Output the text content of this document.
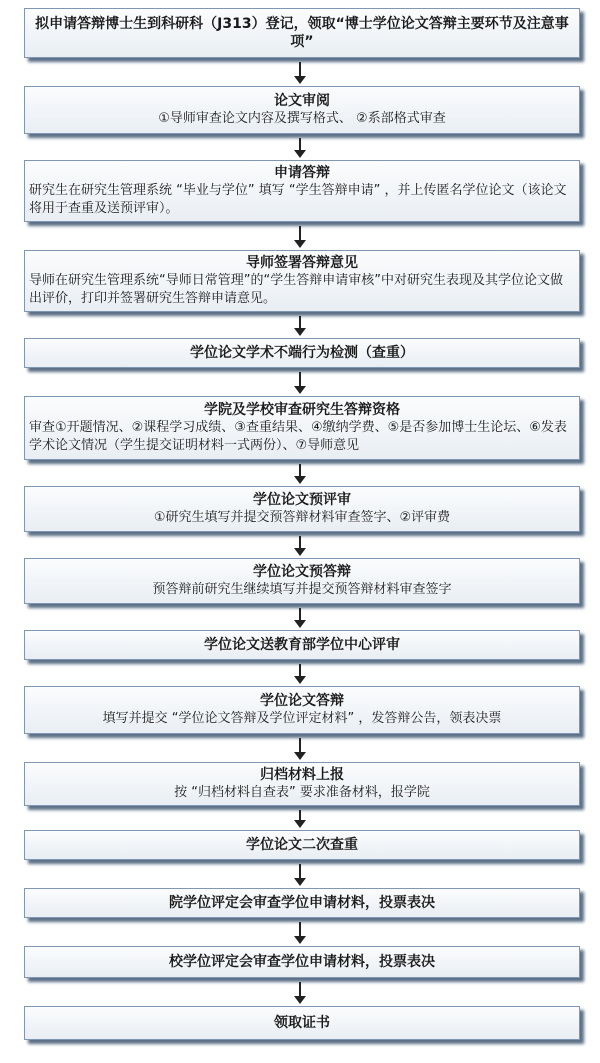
拟申请答辩博士生到科研科（J313）登记，领取“博士学位论文答辩主要环节及注意事项”
论文审阅
①导师审查论文内容及撰写格式、 ②系部格式审查
申请答辩
研究生在研究生管理系统 “毕业与学位” 填写 “学生答辩申请” ，并上传匿名学位论文（该论文将用于查重及送预评审）。
导师签署答辩意见
导师在研究生管理系统“导师日常管理”的“学生答辩申请审核”中对研究生表现及其学位论文做出评价，打印并签署研究生答辩申请意见。
学位论文学术不端行为检测（查重）
学院及学校审查研究生答辩资格
审查①开题情况、②课程学习成绩、③查重结果、④缴纳学费、⑤是否参加博士生论坛、⑥发表学术论文情况（学生提交证明材料一式两份）、⑦导师意见
学位论文预评审
①研究生填写并提交预答辩材料审查签字、②评审费
学位论文预答辩
预答辩前研究生继续填写并提交预答辩材料审查签字
学位论文送教育部学位中心评审
学位论文答辩
填写并提交 “学位论文答辩及学位评定材料” ，发答辩公告，领表决票
归档材料上报
按 “归档材料自查表” 要求准备材料，报学院
学位论文二次查重
院学位评定会审查学位申请材料，投票表决
校学位评定会审查学位申请材料，投票表决
领取证书
